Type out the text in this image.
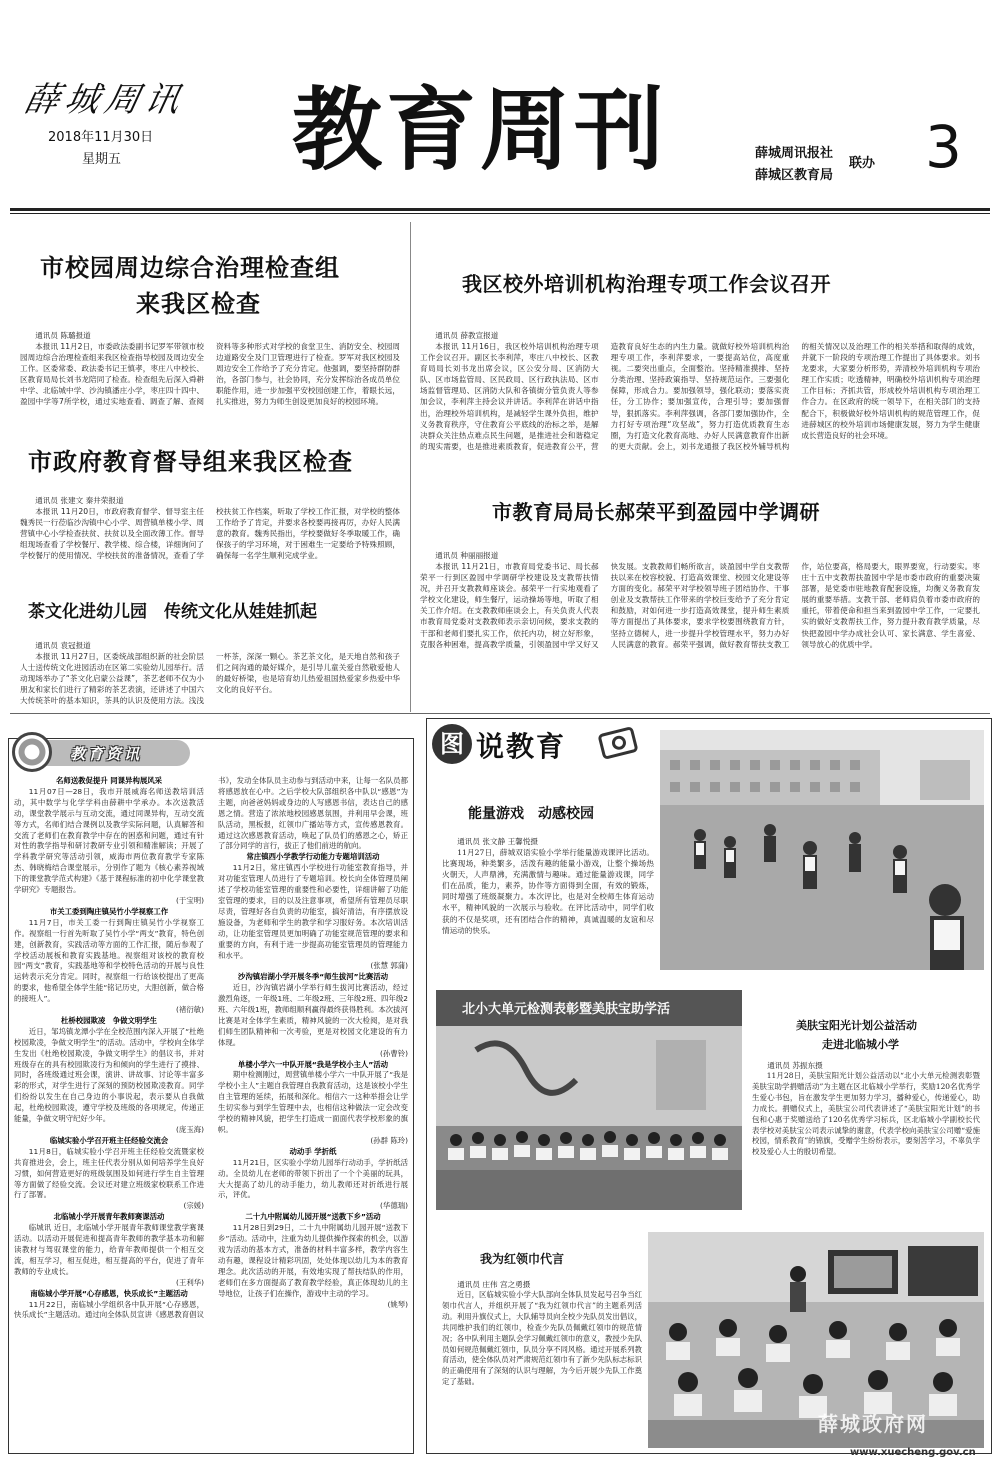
薛城周讯
2018年11月30日
星期五 教育周刊	薛城周讯报社
薛城区教育局
联办 3
市校园周边综合治理检查组
来我区检查
通讯员 陈璐报道

本报讯 11月2日，市委政法委副书记罗军带领市校园周边综合治理检查组来我区检查指导校园及周边安全工作。区委常委、政法委书记王慎孝，枣庄八中校长、区教育局局长刘书龙陪同了检查。检查组先后深入舜耕中学、北临城中学、沙沟镇潘庄小学，枣庄四十四中、盈园中学等7所学校，通过实地查看、调查了解、查阅资料等多种形式对学校的食堂卫生、消防安全、校园周边道路安全及门卫管理进行了检查。罗军对我区校园及周边安全工作给予了充分肯定。他强调，要坚持群防群治，各部门参与，社会协同，充分发挥综治各成员单位职能作用，进一步加强平安校园创建工作，着眼长远，扎实推进，努力为师生创设更加良好的校园环境。

市政府教育督导组来我区检查
通讯员 张建文 秦井荣报道

本报讯 11月20日，市政府教育督学、督导室主任魏秀民一行莅临沙沟镇中心小学、周营镇单楼小学、周营镇中心小学检查扶贫、扶贫以及全面改薄工作。督导组现场查看了学校餐厅、教学楼、综合楼，详细询问了学校餐厅的使用情况、学校扶贫的准备情况，查看了学校扶贫工作档案，听取了学校工作汇报，对学校的整体工作给予了肯定，并要求各校要再接再厉，办好人民满意的教育。魏秀民指出，学校要做好冬季取暖工作，确保孩子的学习环境，对于困难生一定要给予特殊照顾，确保每一名学生顺利完成学业。

茶文化进幼儿园　传统文化从娃娃抓起
通讯员 袁冠报道

本报讯 11月27日，区委统战部组织新的社会阶层人士送传统文化进园活动在区第二实验幼儿园举行。活动现场举办了“茶文化启蒙公益课”，茶艺老师不仅为小朋友和家长们进行了精彩的茶艺表演，还讲述了中国六大传统茶叶的基本知识，茶具的认识及使用方法。浅浅一杯茶，深深一颗心。茶艺茶文化，是天地自然和孩子们之间沟通的最好媒介，是引导儿童关爱自然敬爱他人的最好桥梁，也是培育幼儿热爱祖国热爱家乡热爱中华文化的良好平台。

我区校外培训机构治理专项工作会议召开
通讯员 薛教宣报道

本报讯 11月16日，我区校外培训机构治理专项工作会议召开。副区长李利萍，枣庄八中校长、区教育局局长刘书龙出席会议，区公安分局、区消防大队、区市场监管局、区民政局、区行政执法局、区市场监督管理局、区消防大队和各镇街分管负责人等参加会议，李利萍主持会议并讲话。李利萍在讲话中指出，治理校外培训机构，是减轻学生课外负担，维护义务教育秩序，守住教育公平底线的治标之举，是解决群众关注热点难点民生问题，是推进社会和谐稳定的现实需要，也是推进素质教育，促进教育公平，营造教育良好生态的内生力量。就做好校外培训机构治理专项工作，李利萍要求，一要提高站位，高度重视。二要突出重点，全面整治。坚持精准摸排、坚持分类治理、坚持政策指导、坚持规范运作。三要强化保障，形成合力。要加强领导，强化联动；要落实责任，分工协作；要加强宣传，合理引导；要加强督导，狠抓落实。李利萍强调，各部门要加强协作，全力打好专项治理“攻坚战”，努力打造优质教育生态圈，为打造文化教育高地、办好人民满意教育作出新的更大贡献。会上，刘书龙通报了我区校外辅导机构的相关情况以及治理工作的相关举措和取得的成效，并就下一阶段的专项治理工作提出了具体要求。刘书龙要求，大家要分析形势，弄清校外培训机构专项治理工作实质；吃透精神，明确校外培训机构专项治理工作目标；齐抓共管，形成校外培训机构专项治理工作合力。在区政府的统一领导下，在相关部门的支持配合下，积极做好校外培训机构的规范管理工作，促进薛城区的校外培训市场健康发展，努力为学生健康成长营造良好的社会环境。

市教育局局长郝荣平到盈园中学调研
通讯员 种丽丽报道

本报讯 11月21日，市教育局党委书记、局长郝荣平一行到区盈园中学调研学校建设及支教帮扶情况，并召开支教教师座谈会。郝荣平一行实地观看了学校文化建设，师生餐厅，运动操场等地，听取了相关工作介绍。在支教教师座谈会上，有关负责人代表市教育局党委对支教教师表示亲切问候，要求支教的干部和老师们要扎实工作，依托内功，树立好形象，克服各种困难，提高教学质量，引领盈园中学又好又快发展。支教教师们畅所欲言，谈盈园中学自支教帮扶以来在校容校貌、打造高效课堂、校园文化建设等方面的变化。郝荣平对学校领导班子团结协作、干事创业及支教帮扶工作带来的学校巨变给予了充分肯定和鼓励，对如何进一步打造高效课堂，提升师生素质等方面提出了具体要求，要求学校要围绕教育方针，坚持立德树人，进一步提升学校管理水平，努力办好人民满意的教育。郝荣平强调，做好教育帮扶支教工作，站位要高，格局要大，眼界要宽，行动要实。枣庄十五中支教帮扶盈园中学是市委市政府的重要决策部署，是党委市驻地教育配套设施，均衡义务教育发展的重要举措。支教干部、老师肩负着市委市政府的重托，带着使命和担当来到盈园中学工作，一定要扎实的做好支教帮扶工作，努力提升教育教学质量，尽快把盈园中学办成社会认可、家长满意、学生喜爱、领导放心的优质中学。

教育资讯

名师送教促提升 同课异构展风采

11月07日—28日，我市开展威海名师送教培训活动，其中数学与化学学科由薛耕中学承办。本次送教活动，课堂教学展示与互动交流，通过同课异构，互动交流等方式，名师们结合课例以及教学实际问题，认真解答和交流了老师们在教育教学中存在的困惑和问题，通过有针对性的教学指导和研讨教研专业引领和精准解读；开展了学科教学研究等活动引领，威海市两位教育教学专家陈杰、韩晓梅结合课堂展示，分别作了题为《核心素养视域下的课堂教学范式构建》《基于课程标准的初中化学课堂教学研究》专题报告。

(于宝明)

市关工委到陶庄镇吴竹小学视察工作

11月7日，市关工委一行到陶庄镇吴竹小学视察工作。视察组一行首先听取了吴竹小学“两支”教育，特色创建，创新教育，实践活动等方面的工作汇报，随后参观了学校活动展板和教育实践基地。视察组对该校的教育校园“两支”教育，实践基地等和学校特色活动的开展与良性运转表示充分肯定。同时，视察组一行给该校提出了更高的要求，他希望全体学生能“铭记历史，大胆创新，做合格的接班人”。

(褚衍敏)

杜桥校园欺凌　争做文明学生

近日，邹坞镇龙潭小学在全校范围内深入开展了“杜绝校园欺凌，争做文明学生”的活动。活动中，学校向全体学生发出《杜绝校园欺凌，争做文明学生》的倡议书，并对班级存在的具有校园欺凌行为和倾向的学生进行了摸排、同时，各班级通过班会课，演讲、讲故事、讨论等丰富多彩的形式，对学生进行了深刻的预防校园欺凌教育。同学们纷纷以发生在自己身边的小事说起，表示要从自我做起，杜绝校园欺凌，遵守学校及班级的各项规定，传递正能量，争做文明守纪好少年。

(庞玉海)

临城实验小学召开班主任经验交流会

11月8日，临城实验小学召开班主任经验交流暨家校共育推进会，会上，班主任代表分别从如何培养学生良好习惯，如何营造更好的班级氛围及如何进行学生自主管理等方面做了经验交流。会议还对建立班级家校联系工作进行了部署。

(宗媛)

北临城小学开展青年教师赛课活动

临城讯 近日，北临城小学开展青年教师课堂教学赛课活动。以活动开展促进和提高青年教师的教学基本功和解读教材与驾驭课堂的能力，给青年教师提供一个相互交流，相互学习，相互促进，相互提高的平台，促进了青年教师的专业成长。

(王利华)

南临城小学开展“心存感恩，快乐成长”主题活动

11月22日，南临城小学组织各中队开展“心存感恩，快乐成长”主题活动。通过向全体队员宣讲《感恩教育倡议书》，发动全体队员主动参与到活动中来，让每一名队员都将感恩放在心中。之后学校大队部组织各中队以“感恩”为主题，向爸爸妈妈或身边的人写感恩书信，表达自己的感恩之情。营造了浓浓地校园感恩氛围，并利用早会课，班队活动，黑板报，红领巾广播站等方式，宣传感恩教育。通过这次感恩教育活动，唤起了队员们的感恩之心，矫正了部分同学的言行，拔正了他们前进的航向。

常庄镇西小学教学行动能力专题培训活动

11月2日，常庄镇西小学校进行功能室教育指导，并对功能室管理人员进行了专题培训。校长向全体管理员阐述了学校功能室管理的重要性和必要性，详细讲解了功能室管理的要求，目的以及注意事项，希望所有管理员尽职尽责，管理好各自负责的功能室，搞好清洁，有序摆放设施设备，为老师和学生的教学和学习服好务。本次培训活动，让功能室管理员更加明确了功能室规范管理的要求和重要的方向，有利于进一步提高功能室管理员的管理能力和水平。

(张慧 郭蒲)

沙沟镇岩湖小学开展冬季“师生拔河”比赛活动

近日，沙沟镇岩湖小学举行师生拔河比赛活动，经过激烈角逐，一年级1班、二年级2班、三年级2班、四年级2班、六年级1班，教师组顺利赢得最终获得胜利。本次拔河比赛是对全体学生素质，精神风貌的一次大检阅，是对我们师生团队精神和一次考验，更是对校园文化建设的有力体现。

(孙曹铃)

单楼小学六一中队开展“我是学校小主人”活动

期中检测刚过，周营镇单楼小学六一中队开展了“我是学校小主人”主题自我管理自我教育活动，这是该校小学生自主管理的延续，拓展和深化。相信六一这种举措会让学生切实参与到学生管理中去，也相信这种做法一定会改变学校的精神风貌，把学生打造成一面面代表学校形象的旗帜。

(孙群 陈玲)

动动手 学折纸

11月21日，区实验小学幼儿园举行动动手，学折纸活动。全员幼儿在老师的带领下折出了一个个美丽的玩具，大大提高了幼儿的动手能力，幼儿教师还对折纸进行展示，评优。

(华德瑞)

二十九中附属幼儿园开展“送教下乡”活动

11月28日到29日，二十九中附属幼儿园开展“送教下乡”活动。活动中，注重为幼儿提供操作探索的机会，以游戏为活动的基本方式，准备的材料丰富多样，教学内容生动有趣，课程设计精彩巩固，处处体现以幼儿为本的教育理念。此次活动的开展，有效地实现了帮扶结队的作用，老师们在多方面提高了教育教学经验，真正体现幼儿的主导地位，让孩子们在操作，游戏中主动的学习。

(姚琴)

图 说教育
能量游戏　动感校园
通讯员 张文静 王馨悦摄

11月27日，薛城双语实验小学举行能量游戏课评比活动。比赛现场，种类繁多，活泼有趣的能量小游戏，让整个操场热火朝天，人声鼎沸，充满激情与趣味。通过能量游戏课，同学们在品质，能力，素养，协作等方面得到全面，有效的锻炼，同时增强了班级凝聚力。本次评比，也是对全校师生体育运动水平，精神风貌的一次展示与验收。在评比活动中，同学们收获的不仅是奖项，还有团结合作的精神，真诚温暖的友谊和尽情运动的快乐。

北小大单元检测表彰暨美肤宝助学活
美肤宝阳光计划公益活动
走进北临城小学
通讯员 苏振东摄

11月28日，美肤宝阳光计划公益活动以“北小大单元检测表彰暨美肤宝助学捐赠活动”为主题在区北临城小学举行，奖励120名优秀学生爱心书包，旨在激发学生更加努力学习，播种爱心，传递爱心，助力成长。捐赠仪式上，美肤宝公司代表讲述了“美肤宝阳光计划”的书包和心惠于奖赠送给了120名优秀学习标兵，区北临城小学副校长代表学校对美肤宝公司表示诚挚的谢意，代表学校向美肤宝公司赠“爱施校园，情系教育”的锦旗，受赠学生纷纷表示，要刻苦学习，不辜负学校及爱心人士的殷切希望。

我为红领巾代言
通讯员 庄伟 宫之勇摄

近日，区临城实验小学大队部向全体队员发起号召争当红领巾代言人，并组织开展了“我为红领巾代言”的主题系列活动。利用升旗仪式上，大队辅导员向全校少先队员发出倡议，共同维护我们的红领巾，检查少先队员佩戴红领巾的规范情况；各中队利用主题队会学习佩戴红领巾的意义，教授少先队员如何规范佩戴红领巾，队员分享不同风格。通过开展系列教育活动，使全体队员对严肃规范红领巾有了新少先队标志标识的正确使用有了深刻的认识与理解，为今后开展少先队工作奠定了基础。

薛城政府网
www.xuecheng.gov.cn
